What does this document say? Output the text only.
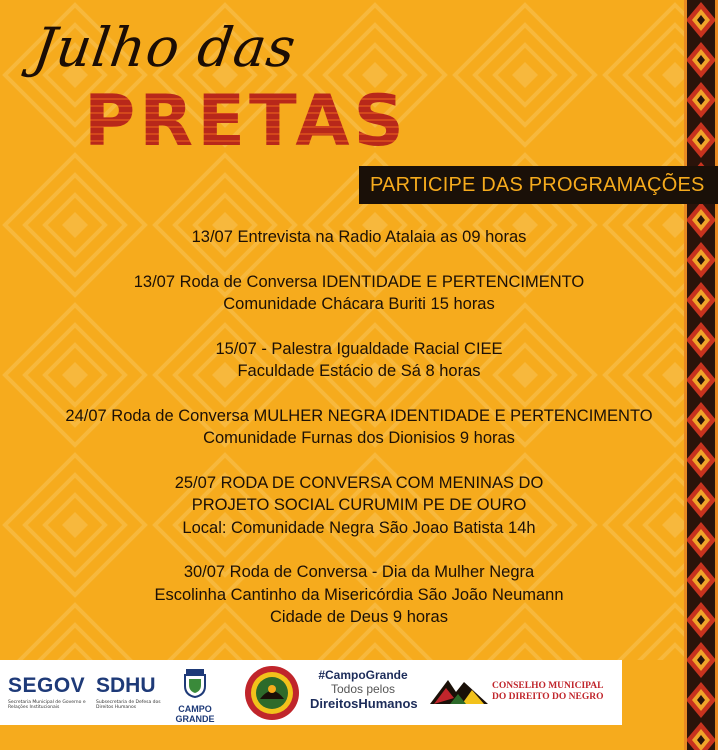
Julho das
PRETAS
PARTICIPE DAS PROGRAMAÇÕES
13/07 Entrevista na Radio Atalaia as 09 horas
13/07 Roda de Conversa IDENTIDADE E PERTENCIMENTO
Comunidade Chácara Buriti 15 horas
15/07 - Palestra Igualdade Racial CIEE
Faculdade Estácio de Sá 8 horas
24/07 Roda de Conversa MULHER NEGRA IDENTIDADE E PERTENCIMENTO
Comunidade Furnas dos Dionisios 9 horas
25/07 RODA DE CONVERSA COM MENINAS DO
PROJETO SOCIAL CURUMIM PE DE OURO
Local: Comunidade Negra São Joao Batista 14h
30/07 Roda de Conversa - Dia da Mulher Negra
Escolinha Cantinho da Misericórdia São João Neumann
Cidade de Deus 9 horas
SEGOV
Secretaria Municipal de Governo e Relações Institucionais
SDHU
Subsecretaria de Defesa dos Direitos Humanos	CAMPO GRANDE
#CampoGrande
Todos pelos
DireitosHumanos
CONSELHO MUNICIPAL
DO DIREITO DO NEGRO
